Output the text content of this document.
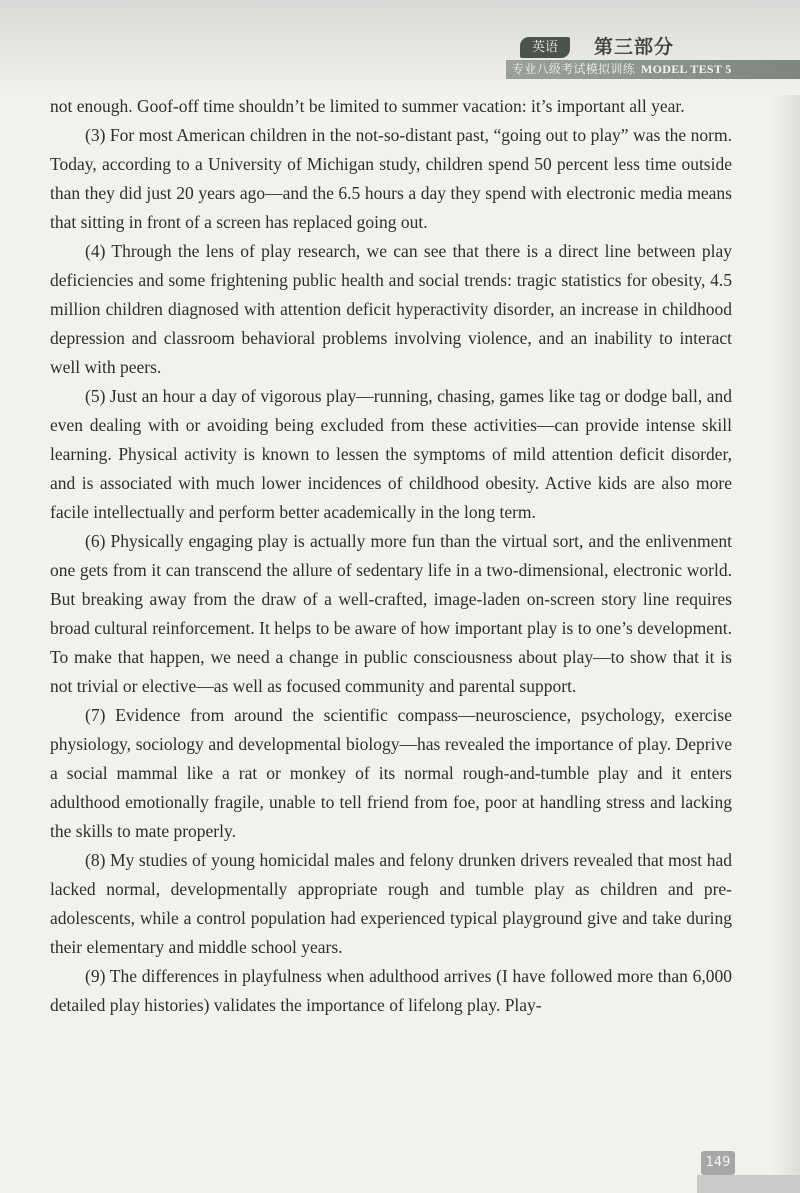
英语	第三部分
专业八级考试模拟训练 MODEL TEST 5

not enough. Goof-off time shouldn’t be limited to summer vacation: it’s important all year.

(3) For most American children in the not-so-distant past, “going out to play” was the norm. Today, according to a University of Michigan study, children spend 50 percent less time outside than they did just 20 years ago—and the 6.5 hours a day they spend with electronic media means that sitting in front of a screen has replaced going out.

(4) Through the lens of play research, we can see that there is a direct line between play deficiencies and some frightening public health and social trends: tragic statistics for obesity, 4.5 million children diagnosed with attention deficit hyperactivity disorder, an increase in childhood depression and classroom behavioral problems involving violence, and an inability to interact well with peers.

(5) Just an hour a day of vigorous play—running, chasing, games like tag or dodge ball, and even dealing with or avoiding being excluded from these activities—can provide intense skill learning. Physical activity is known to lessen the symptoms of mild attention deficit disorder, and is associated with much lower incidences of childhood obesity. Active kids are also more facile intellectually and perform better academically in the long term.

(6) Physically engaging play is actually more fun than the virtual sort, and the enlivenment one gets from it can transcend the allure of sedentary life in a two-dimensional, electronic world. But breaking away from the draw of a well-crafted, image-laden on-screen story line requires broad cultural reinforcement. It helps to be aware of how important play is to one’s development. To make that happen, we need a change in public consciousness about play—to show that it is not trivial or elective—as well as focused community and parental support.

(7) Evidence from around the scientific compass—neuroscience, psychology, exercise physiology, sociology and developmental biology—has revealed the importance of play. Deprive a social mammal like a rat or monkey of its normal rough-and-tumble play and it enters adulthood emotionally fragile, unable to tell friend from foe, poor at handling stress and lacking the skills to mate properly.

(8) My studies of young homicidal males and felony drunken drivers revealed that most had lacked normal, developmentally appropriate rough and tumble play as children and pre-adolescents, while a control population had experienced typical playground give and take during their elementary and middle school years.

(9) The differences in playfulness when adulthood arrives (I have followed more than 6,000 detailed play histories) validates the importance of lifelong play. Play-

149
